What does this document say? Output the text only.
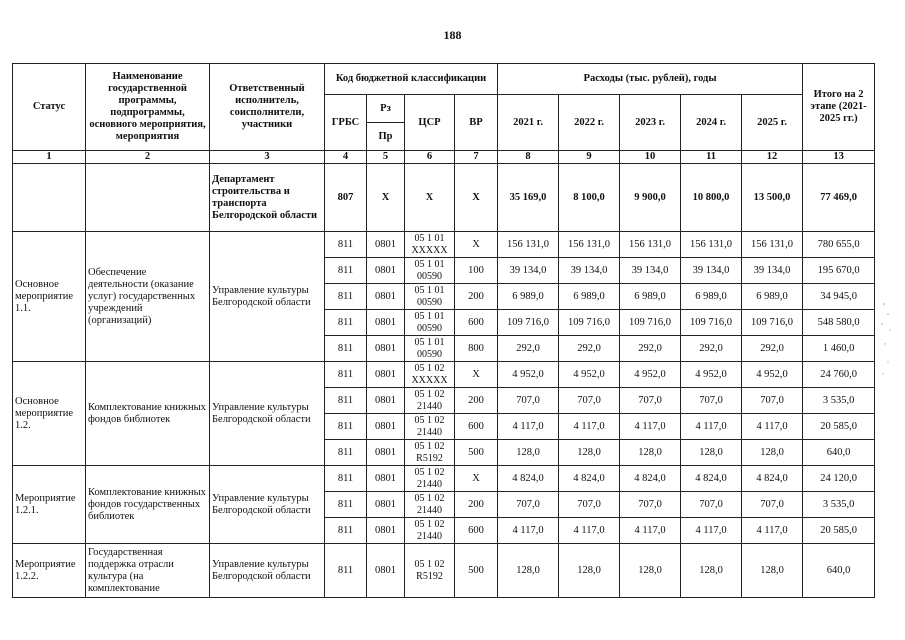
188
Статус	Наименование государственной программы, подпрограммы, основного мероприятия, мероприятия	Ответственный исполнитель, соисполнители, участники	Код бюджетной классификации				Расходы (тыс. рублей), годы					Итого на 2 этапе (2021-2025 гг.)
			ГРБС	Рз	ЦСР	ВР	2021 г.	2022 г.	2023 г.	2024 г.	2025 г.	
				Пр								
1	2	3	4	5	6	7	8	9	10	11	12	13
		Департамент строительства и транспорта Белгородской области	807	Х	Х	Х	35 169,0	8 100,0	9 900,0	10 800,0	13 500,0	77 469,0
Основное мероприятие 1.1.	Обеспечение деятельности (оказание услуг) государственных учреждений (организаций)	Управление культуры Белгородской области	811	0801	05 1 01 ХХХХХ	Х	156 131,0	156 131,0	156 131,0	156 131,0	156 131,0	780 655,0
			811	0801	05 1 01 00590	100	39 134,0	39 134,0	39 134,0	39 134,0	39 134,0	195 670,0
			811	0801	05 1 01 00590	200	6 989,0	6 989,0	6 989,0	6 989,0	6 989,0	34 945,0
			811	0801	05 1 01 00590	600	109 716,0	109 716,0	109 716,0	109 716,0	109 716,0	548 580,0
			811	0801	05 1 01 00590	800	292,0	292,0	292,0	292,0	292,0	1 460,0
Основное мероприятие 1.2.	Комплектование книжных фондов библиотек	Управление культуры Белгородской области	811	0801	05 1 02 ХХХХХ	Х	4 952,0	4 952,0	4 952,0	4 952,0	4 952,0	24 760,0
			811	0801	05 1 02 21440	200	707,0	707,0	707,0	707,0	707,0	3 535,0
			811	0801	05 1 02 21440	600	4 117,0	4 117,0	4 117,0	4 117,0	4 117,0	20 585,0
			811	0801	05 1 02 R5192	500	128,0	128,0	128,0	128,0	128,0	640,0
Мероприятие 1.2.1.	Комплектование книжных фондов государственных библиотек	Управление культуры Белгородской области	811	0801	05 1 02 21440	Х	4 824,0	4 824,0	4 824,0	4 824,0	4 824,0	24 120,0
			811	0801	05 1 02 21440	200	707,0	707,0	707,0	707,0	707,0	3 535,0
			811	0801	05 1 02 21440	600	4 117,0	4 117,0	4 117,0	4 117,0	4 117,0	20 585,0
Мероприятие 1.2.2.	Государственная поддержка отрасли культура (на комплектование	Управление культуры Белгородской области	811	0801	05 1 02 R5192	500	128,0	128,0	128,0	128,0	128,0	640,0
